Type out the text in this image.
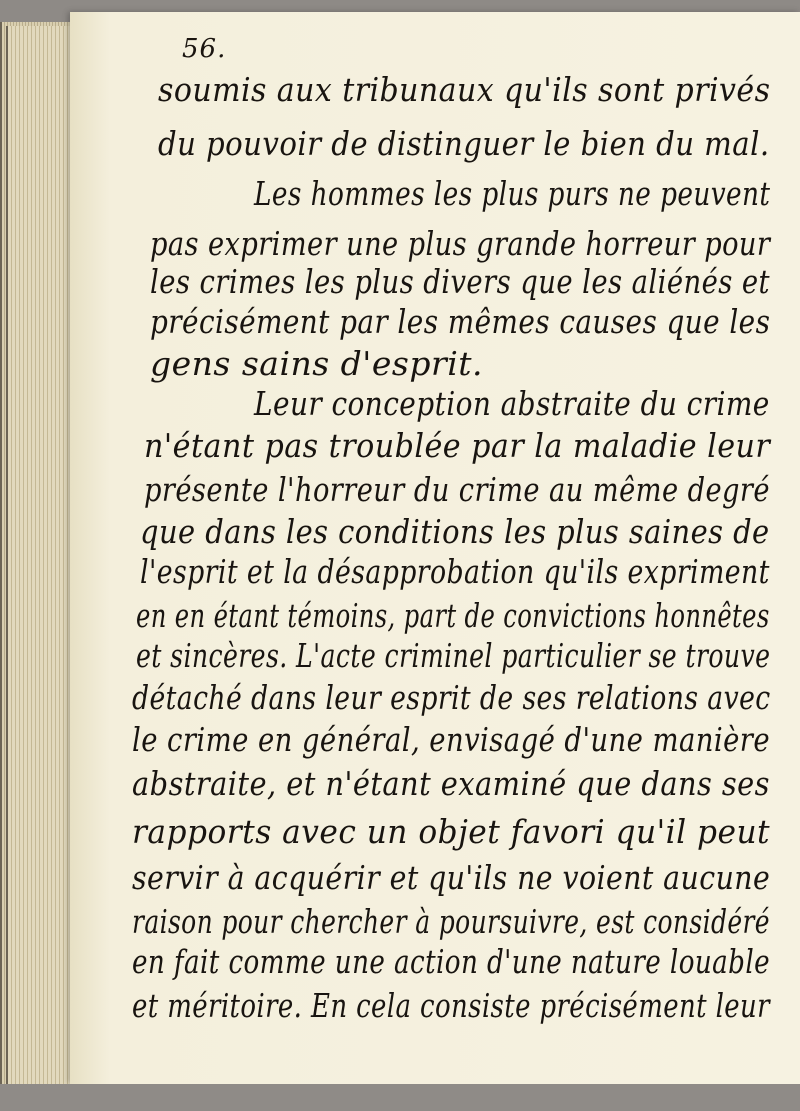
56.
soumis aux tribunaux qu'ils sont privés
du pouvoir de distinguer le bien du mal.
Les hommes les plus purs ne peuvent
pas exprimer une plus grande horreur pour
les crimes les plus divers que les aliénés et
précisément par les mêmes causes que les
gens sains d'esprit.
Leur conception abstraite du crime
n'étant pas troublée par la maladie leur
présente l'horreur du crime au même degré
que dans les conditions les plus saines de
l'esprit et la désapprobation qu'ils expriment
en en étant témoins, part de convictions honnêtes
et sincères. L'acte criminel particulier se trouve
détaché dans leur esprit de ses relations avec
le crime en général, envisagé d'une manière
abstraite, et n'étant examiné que dans ses
rapports avec un objet favori qu'il peut
servir à acquérir et qu'ils ne voient aucune
raison pour chercher à poursuivre, est considéré
en fait comme une action d'une nature louable
et méritoire. En cela consiste précisément leur
